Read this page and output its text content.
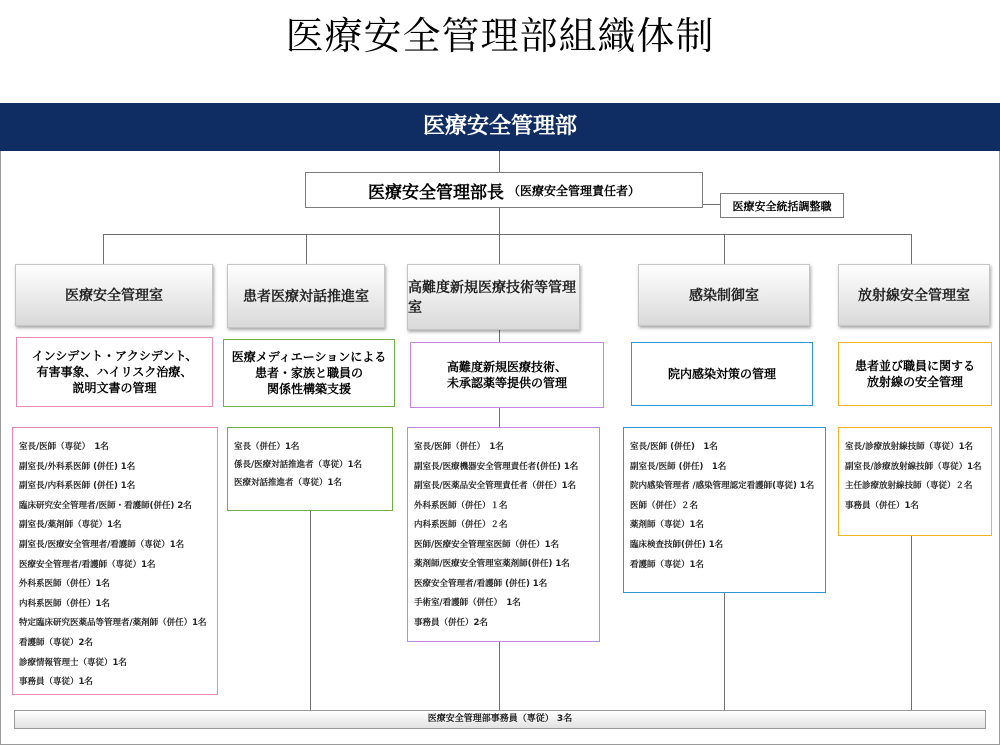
医療安全管理部組織体制
医療安全管理部
医療安全管理部長 （医療安全管理責任者）
医療安全統括調整職
医療安全管理室
インシデント・アクシデント、
有害事象、ハイリスク治療、
説明文書の管理
室長/医師（専従）　1名
副室長/外科系医師 (併任) 1名
副室長/内科系医師 (併任) 1名
臨床研究安全管理者/医師・看護師(併任) 2名
副室長/薬剤師（専従）1名
副室長/医療安全管理者/看護師（専従）1名
医療安全管理者/看護師（専従）1名
外科系医師（併任）1名
内科系医師（併任）1名
特定臨床研究医薬品等管理者/薬剤師（併任）1名
看護師（専従）2名
診療情報管理士（専従）1名
事務員（専従）1名
患者医療対話推進室
医療メディエーションによる
患者・家族と職員の
関係性構築支援
室長（併任）1名
係長/医療対話推進者（専従）1名
医療対話推進者（専従）1名
高難度新規医療技術等管理室
高難度新規医療技術、
未承認薬等提供の管理
室長/医師（併任）　1名
副室長/医療機器安全管理責任者(併任) 1名
副室長/医薬品安全管理責任者（併任）1名
外科系医師（併任）１名
内科系医師（併任）２名
医師/医療安全管理室医師（併任）1名
薬剤師/医療安全管理室薬剤師(併任) 1名
医療安全管理者/看護師 (併任) 1名
手術室/看護師（併任）　1名
事務員（併任）2名
感染制御室
院内感染対策の管理
室長/医師 (併任)　1名
副室長/医師 (併任)　1名
院内感染管理者 /感染管理認定看護師(専従) 1名
医師（併任）２名
薬剤師（専従）1名
臨床検査技師(併任) 1名
看護師（専従）1名
放射線安全管理室
患者並び職員に関する
放射線の安全管理
室長/診療放射線技師（専従）1名
副室長/診療放射線技師（専従）1名
主任診療放射線技師（専従）２名
事務員（併任）1名
医療安全管理部事務員（専従） 3名
